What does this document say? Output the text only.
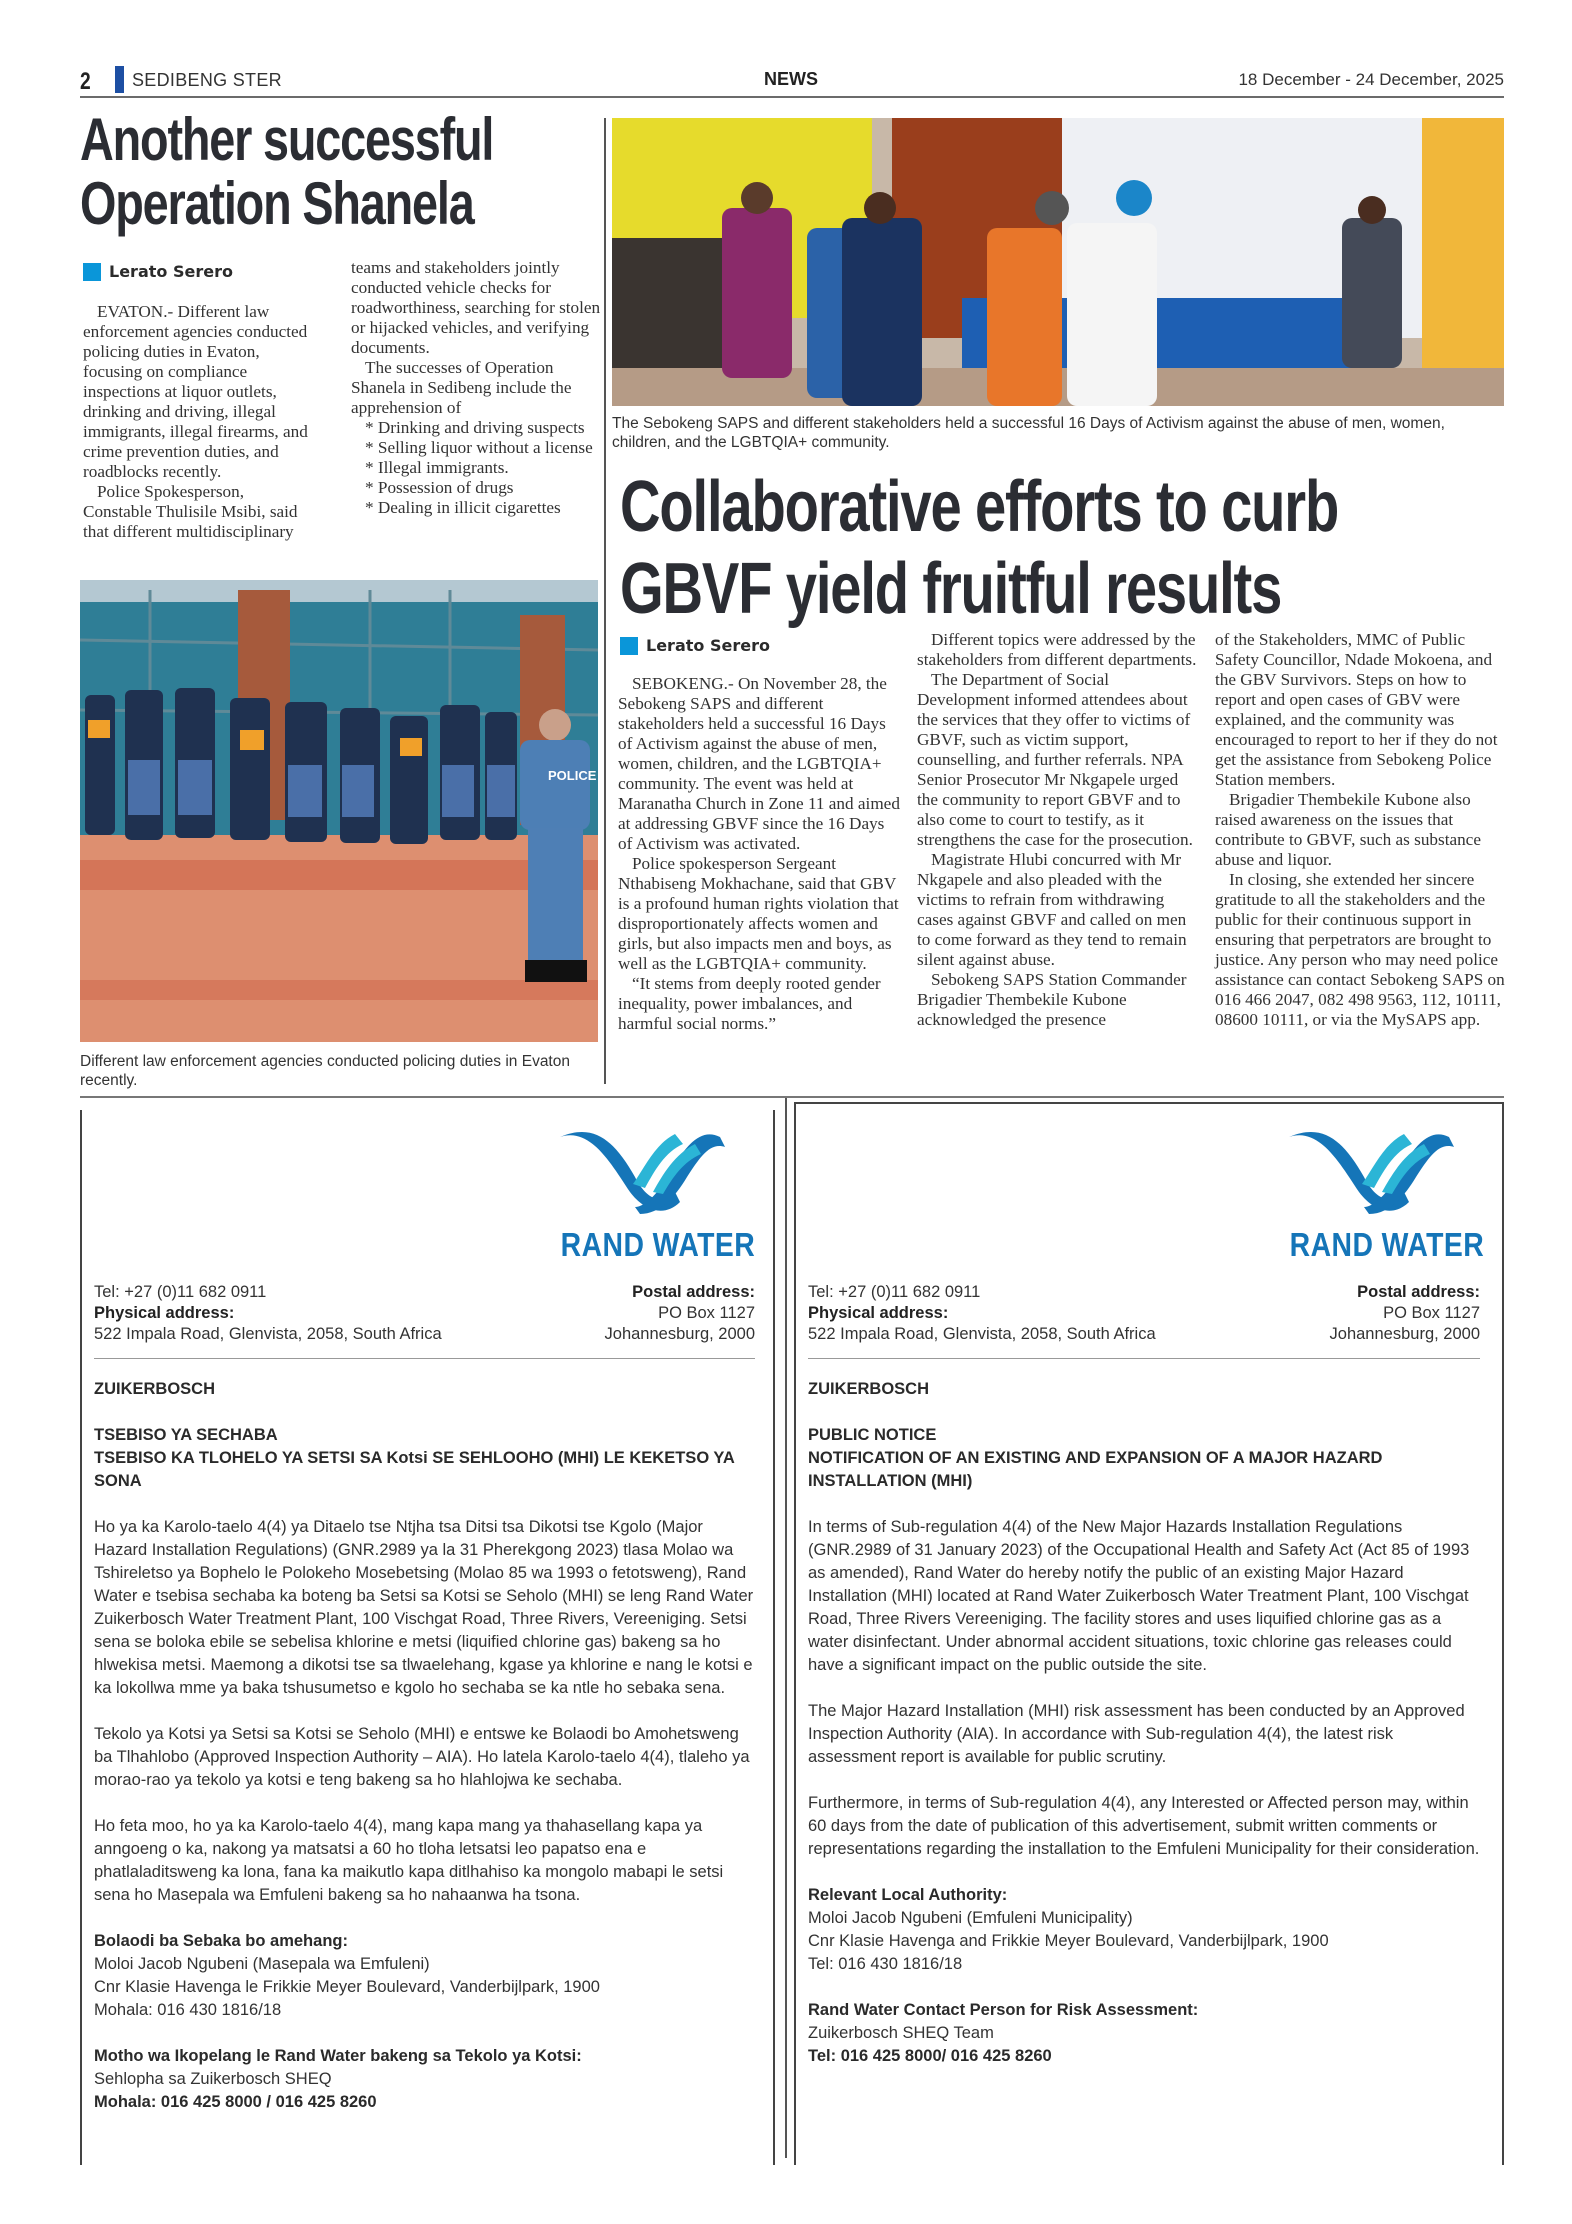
2 SEDIBENG STER	NEWS	18 December - 24 December, 2025
Another successful
Operation Shanela
Lerato Serero

EVATON.- Different law enforcement agencies conducted policing duties in Evaton, focusing on compliance inspections at liquor outlets, drinking and driving, illegal immigrants, illegal firearms, and crime prevention duties, and roadblocks recently.

Police Spokesperson, Constable Thulisile Msibi, said that different multidisciplinary

teams and stakeholders jointly conducted vehicle checks for roadworthiness, searching for stolen or hijacked vehicles, and verifying documents.

The successes of Operation Shanela in Sedibeng include the apprehension of

* Drinking and driving suspects

* Selling liquor without a license

* Illegal immigrants.

* Possession of drugs

* Dealing in illicit cigarettes

POLICE
Different law enforcement agencies conducted policing duties in Evaton recently.
The Sebokeng SAPS and different stakeholders held a successful 16 Days of Activism against the abuse of men, women, children, and the LGBTQIA+ community.
Collaborative efforts to curb
GBVF yield fruitful results
Lerato Serero

SEBOKENG.- On November 28, the Sebokeng SAPS and different stakeholders held a successful 16 Days of Activism against the abuse of men, women, children, and the LGBTQIA+ community. The event was held at Maranatha Church in Zone 11 and aimed at addressing GBVF since the 16 Days of Activism was activated.

Police spokesperson Sergeant Nthabiseng Mokhachane, said that GBV is a profound human rights violation that disproportionately affects women and girls, but also impacts men and boys, as well as the LGBTQIA+ community.

“It stems from deeply rooted gender inequality, power imbalances, and harmful social norms.”

Different topics were addressed by the stakeholders from different departments.

The Department of Social Development informed attendees about the services that they offer to victims of GBVF, such as victim support, counselling, and further referrals. NPA Senior Prosecutor Mr Nkgapele urged the community to report GBVF and to also come to court to testify, as it strengthens the case for the prosecution.

Magistrate Hlubi concurred with Mr Nkgapele and also pleaded with the victims to refrain from withdrawing cases against GBVF and called on men to come forward as they tend to remain silent against abuse.

Sebokeng SAPS Station Commander Brigadier Thembekile Kubone acknowledged the presence

of the Stakeholders, MMC of Public Safety Councillor, Ndade Mokoena, and the GBV Survivors. Steps on how to report and open cases of GBV were explained, and the community was encouraged to report to her if they do not get the assistance from Sebokeng Police Station members.

Brigadier Thembekile Kubone also raised awareness on the issues that contribute to GBVF, such as substance abuse and liquor.

In closing, she extended her sincere gratitude to all the stakeholders and the public for their continuous support in ensuring that perpetrators are brought to justice. Any person who may need police assistance can contact Sebokeng SAPS on 016 466 2047, 082 498 9563, 112, 10111, 08600 10111, or via the MySAPS app.

RAND WATER
Tel: +27 (0)11 682 0911
Physical address:
522 Impala Road, Glenvista, 2058, South Africa
Postal address:
PO Box 1127
Johannesburg, 2000
ZUIKERBOSCH
TSEBISO YA SECHABA
TSEBISO KA TLOHELO YA SETSI SA Kotsi SE SEHLOOHO (MHI) LE KEKETSO YA SONA

Ho ya ka Karolo-taelo 4(4) ya Ditaelo tse Ntjha tsa Ditsi tsa Dikotsi tse Kgolo (Major Hazard Installation Regulations) (GNR.2989 ya la 31 Pherekgong 2023) tlasa Molao wa Tshireletso ya Bophelo le Polokeho Mosebetsing (Molao 85 wa 1993 o fetotsweng), Rand Water e tsebisa sechaba ka boteng ba Setsi sa Kotsi se Seholo (MHI) se leng Rand Water Zuikerbosch Water Treatment Plant, 100 Vischgat Road, Three Rivers, Vereeniging. Setsi sena se boloka ebile se sebelisa khlorine e metsi (liquified chlorine gas) bakeng sa ho hlwekisa metsi. Maemong a dikotsi tse sa tlwaelehang, kgase ya khlorine e nang le kotsi e ka lokollwa mme ya baka tshusumetso e kgolo ho sechaba se ka ntle ho sebaka sena.

Tekolo ya Kotsi ya Setsi sa Kotsi se Seholo (MHI) e entswe ke Bolaodi bo Amohetsweng ba Tlhahlobo (Approved Inspection Authority – AIA). Ho latela Karolo-taelo 4(4), tlaleho ya morao-rao ya tekolo ya kotsi e teng bakeng sa ho hlahlojwa ke sechaba.

Ho feta moo, ho ya ka Karolo-taelo 4(4), mang kapa mang ya thahasellang kapa ya anngoeng o ka, nakong ya matsatsi a 60 ho tloha letsatsi leo papatso ena e phatlaladitsweng ka lona, fana ka maikutlo kapa ditlhahiso ka mongolo mabapi le setsi sena ho Masepala wa Emfuleni bakeng sa ho nahaanwa ha tsona.

Bolaodi ba Sebaka bo amehang:
Moloi Jacob Ngubeni (Masepala wa Emfuleni)
Cnr Klasie Havenga le Frikkie Meyer Boulevard, Vanderbijlpark, 1900
Mohala: 016 430 1816/18
Motho wa Ikopelang le Rand Water bakeng sa Tekolo ya Kotsi:
Sehlopha sa Zuikerbosch SHEQ
Mohala: 016 425 8000 / 016 425 8260
RAND WATER
Tel: +27 (0)11 682 0911
Physical address:
522 Impala Road, Glenvista, 2058, South Africa
Postal address:
PO Box 1127
Johannesburg, 2000
ZUIKERBOSCH
PUBLIC NOTICE
NOTIFICATION OF AN EXISTING AND EXPANSION OF A MAJOR HAZARD INSTALLATION (MHI)

In terms of Sub-regulation 4(4) of the New Major Hazards Installation Regulations (GNR.2989 of 31 January 2023) of the Occupational Health and Safety Act (Act 85 of 1993 as amended), Rand Water do hereby notify the public of an existing Major Hazard Installation (MHI) located at Rand Water Zuikerbosch Water Treatment Plant, 100 Vischgat Road, Three Rivers Vereeniging. The facility stores and uses liquified chlorine gas as a water disinfectant. Under abnormal accident situations, toxic chlorine gas releases could have a significant impact on the public outside the site.

The Major Hazard Installation (MHI) risk assessment has been conducted by an Approved Inspection Authority (AIA). In accordance with Sub-regulation 4(4), the latest risk assessment report is available for public scrutiny.

Furthermore, in terms of Sub-regulation 4(4), any Interested or Affected person may, within 60 days from the date of publication of this advertisement, submit written comments or representations regarding the installation to the Emfuleni Municipality for their consideration.

Relevant Local Authority:
Moloi Jacob Ngubeni (Emfuleni Municipality)
Cnr Klasie Havenga and Frikkie Meyer Boulevard, Vanderbijlpark, 1900
Tel: 016 430 1816/18
Rand Water Contact Person for Risk Assessment:
Zuikerbosch SHEQ Team
Tel: 016 425 8000/ 016 425 8260
